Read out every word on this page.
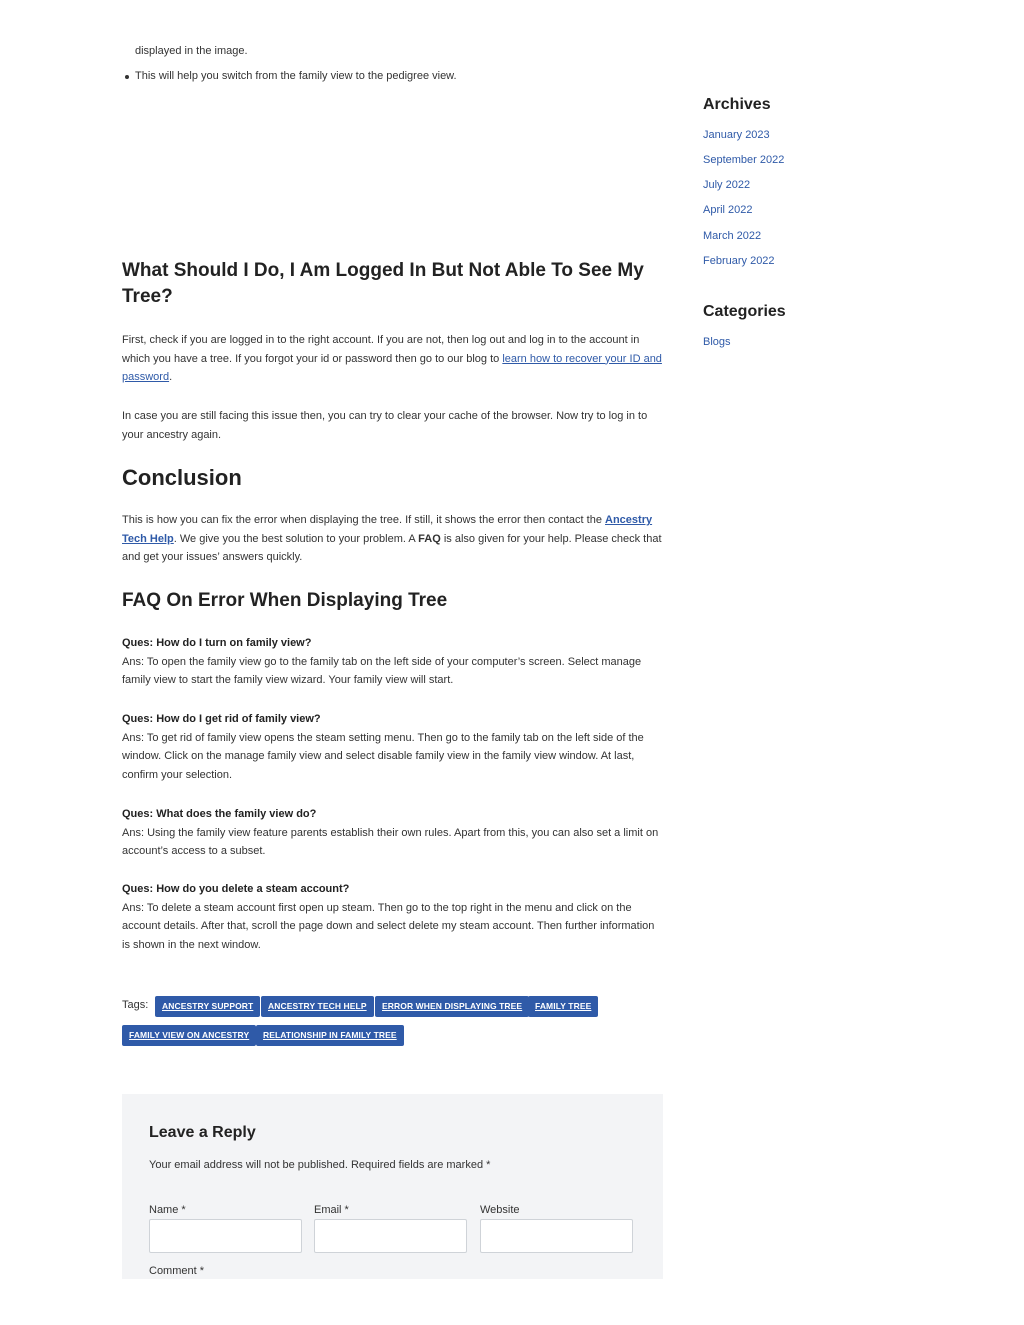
displayed in the image.
This will help you switch from the family view to the pedigree view.
What Should I Do, I Am Logged In But Not Able To See My Tree?

First, check if you are logged in to the right account. If you are not, then log out and log in to the account in which you have a tree. If you forgot your id or password then go to our blog to learn how to recover your ID and password.

In case you are still facing this issue then, you can try to clear your cache of the browser. Now try to log in to your ancestry again.

Conclusion

This is how you can fix the error when displaying the tree. If still, it shows the error then contact the Ancestry Tech Help. We give you the best solution to your problem. A FAQ is also given for your help. Please check that and get your issues’ answers quickly.

FAQ On Error When Displaying Tree
Ques: How do I turn on family view?
Ans: To open the family view go to the family tab on the left side of your computer’s screen. Select manage family view to start the family view wizard. Your family view will start.
Ques: How do I get rid of family view?
Ans: To get rid of family view opens the steam setting menu. Then go to the family tab on the left side of the window. Click on the manage family view and select disable family view in the family view window. At last, confirm your selection.
Ques: What does the family view do?
Ans: Using the family view feature parents establish their own rules. Apart from this, you can also set a limit on account’s access to a subset.
Ques: How do you delete a steam account?
Ans: To delete a steam account first open up steam. Then go to the top right in the menu and click on the account details. After that, scroll the page down and select delete my steam account. Then further information is shown in the next window.
Tags:	ANCESTRY SUPPORT	ANCESTRY TECH HELP	ERROR WHEN DISPLAYING TREE	FAMILY TREE
FAMILY VIEW ON ANCESTRY	RELATIONSHIP IN FAMILY TREE
Leave a Reply
Your email address will not be published. Required fields are marked *
Name *	Email *	Website
Comment *
Archives
January 2023
September 2022
July 2022
April 2022
March 2022
February 2022
Categories
Blogs
